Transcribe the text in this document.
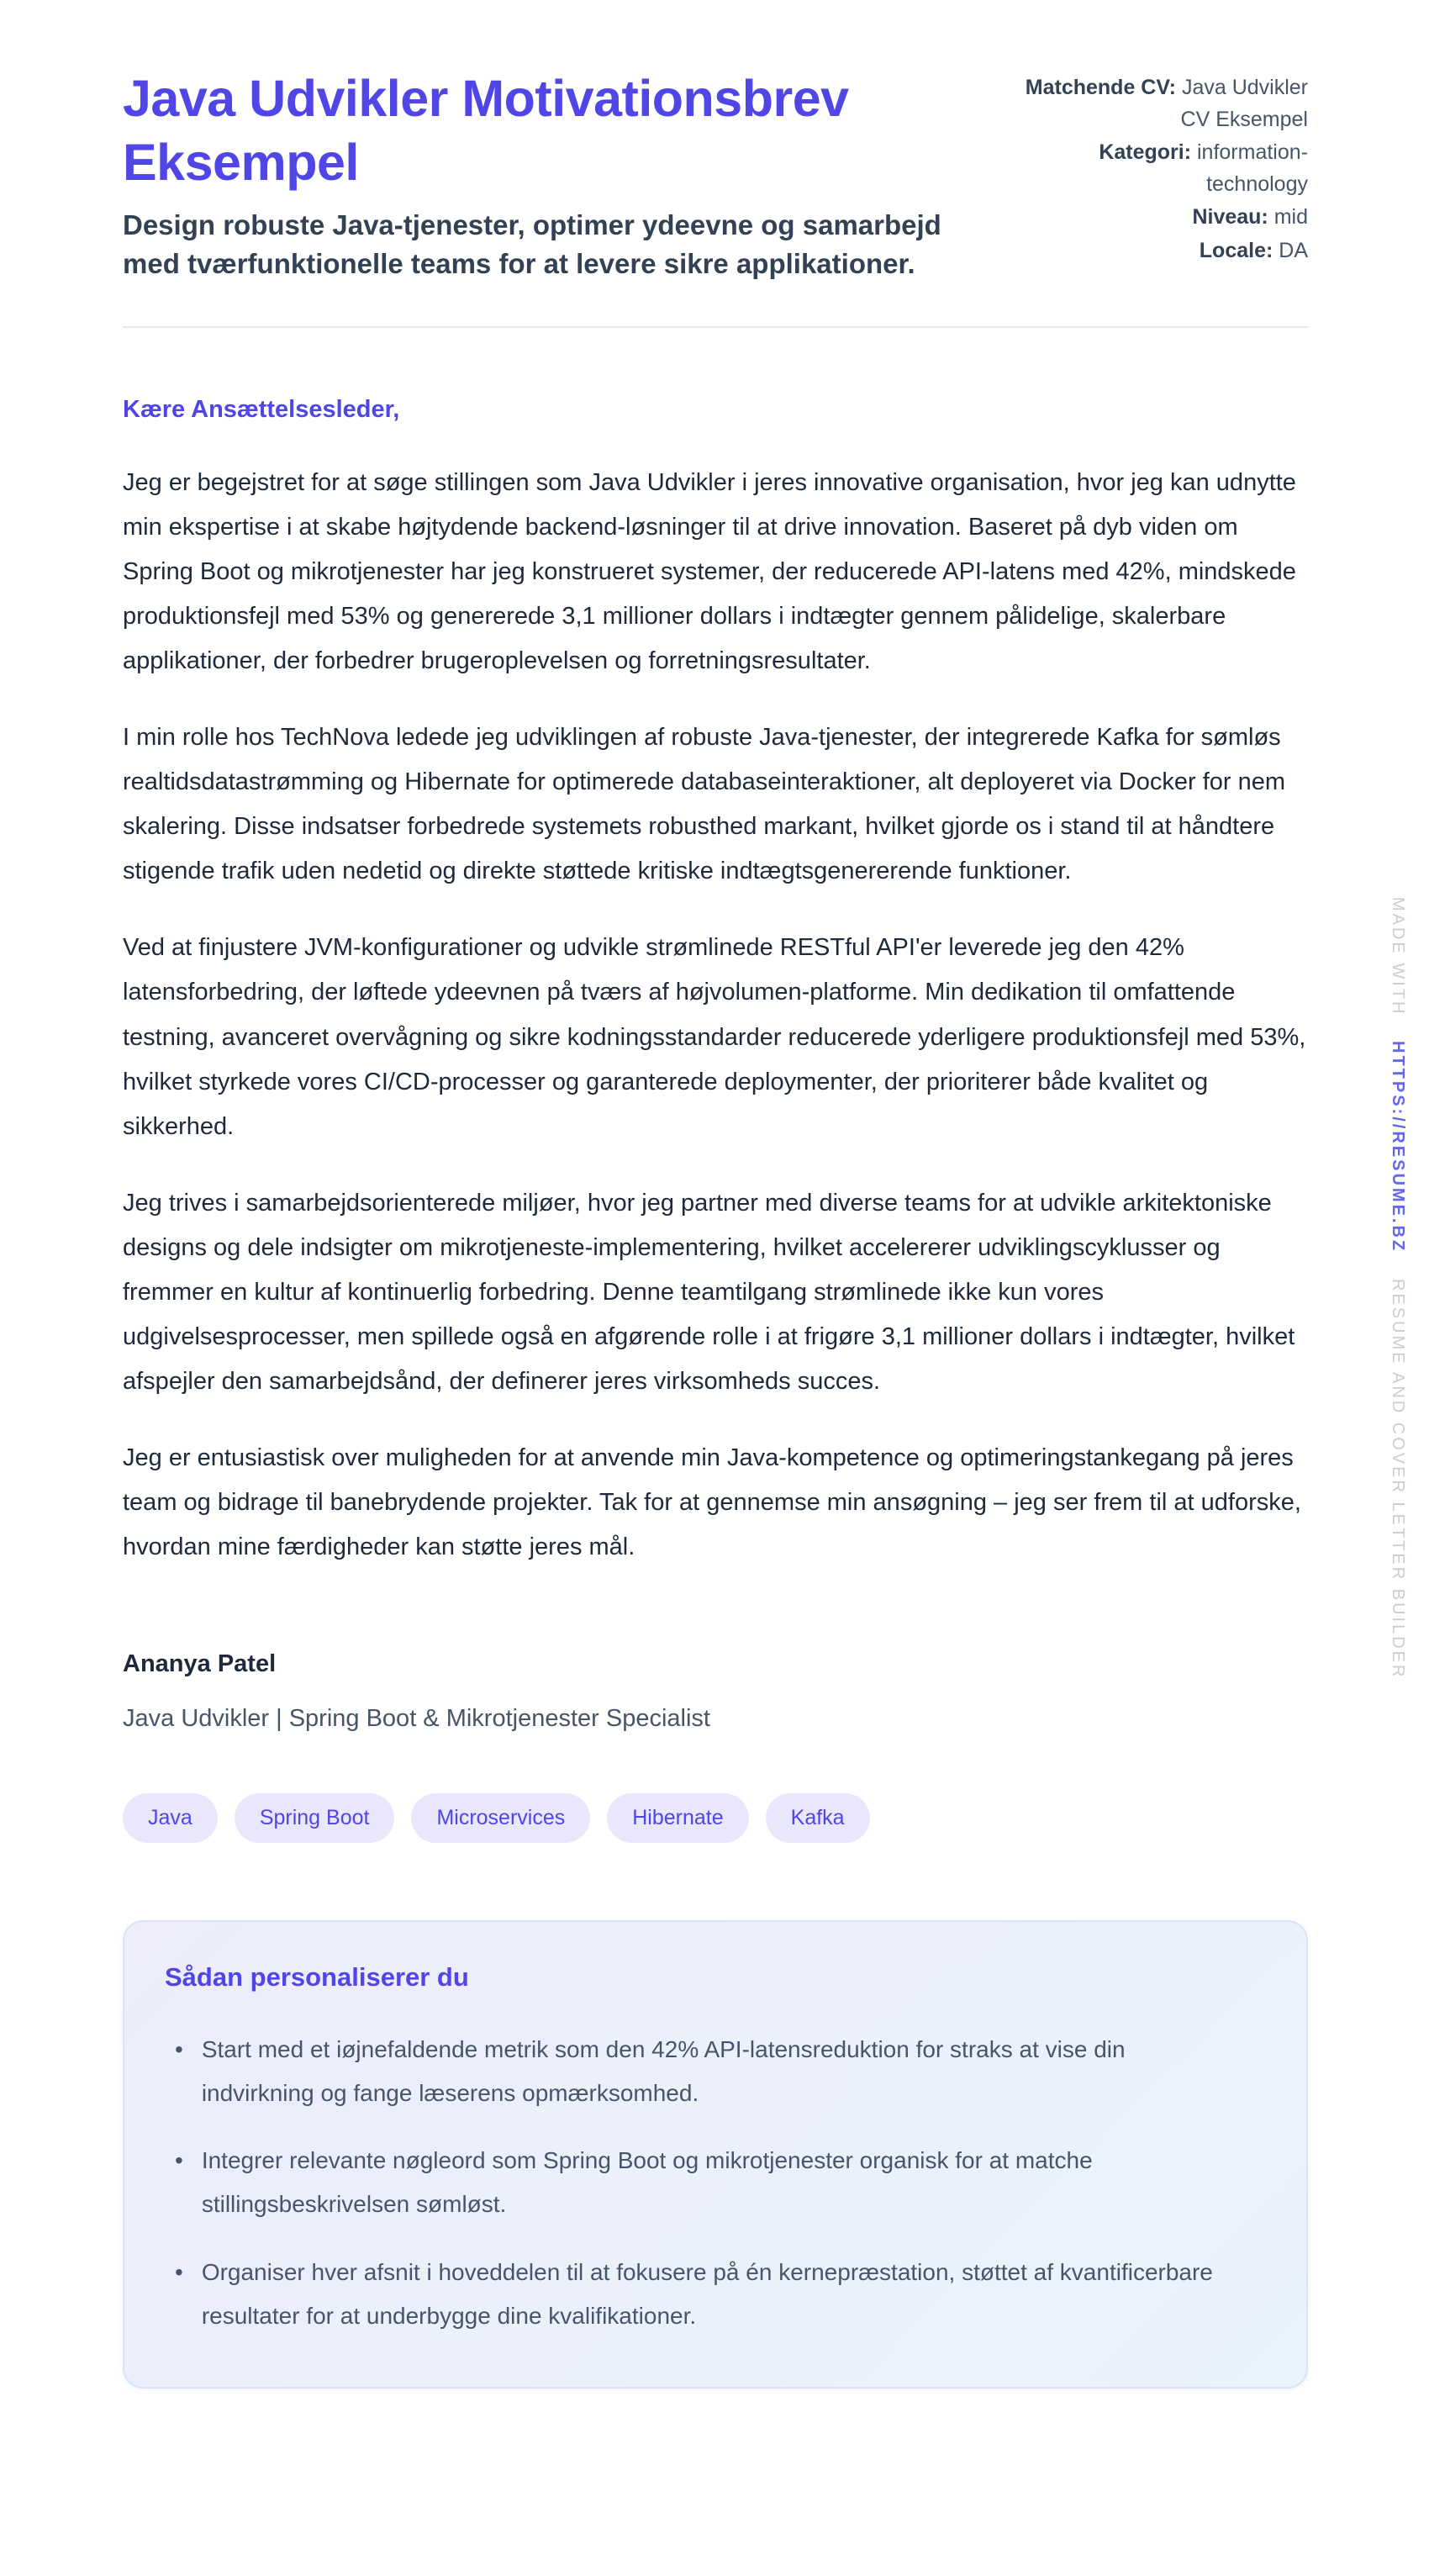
Java Udvikler Motivationsbrev Eksempel

Design robuste Java-tjenester, optimer ydeevne og samarbejd med tværfunktionelle teams for at levere sikre applikationer.

Matchende CV: Java Udvikler CV Eksempel
Kategori: information-technology
Niveau: mid
Locale: DA

Kære Ansættelsesleder,

Jeg er begejstret for at søge stillingen som Java Udvikler i jeres innovative organisation, hvor jeg kan udnytte min ekspertise i at skabe højtydende backend-løsninger til at drive innovation. Baseret på dyb viden om Spring Boot og mikrotjenester har jeg konstrueret systemer, der reducerede API-latens med 42%, mindskede produktionsfejl med 53% og genererede 3,1 millioner dollars i indtægter gennem pålidelige, skalerbare applikationer, der forbedrer brugeroplevelsen og forretningsresultater.

I min rolle hos TechNova ledede jeg udviklingen af robuste Java-tjenester, der integrerede Kafka for sømløs realtidsdatastrømming og Hibernate for optimerede databaseinteraktioner, alt deployeret via Docker for nem skalering. Disse indsatser forbedrede systemets robusthed markant, hvilket gjorde os i stand til at håndtere stigende trafik uden nedetid og direkte støttede kritiske indtægtsgenererende funktioner.

Ved at finjustere JVM-konfigurationer og udvikle strømlinede RESTful API'er leverede jeg den 42% latensforbedring, der løftede ydeevnen på tværs af højvolumen-platforme. Min dedikation til omfattende testning, avanceret overvågning og sikre kodningsstandarder reducerede yderligere produktionsfejl med 53%, hvilket styrkede vores CI/CD-processer og garanterede deploymenter, der prioriterer både kvalitet og sikkerhed.

Jeg trives i samarbejdsorienterede miljøer, hvor jeg partner med diverse teams for at udvikle arkitektoniske designs og dele indsigter om mikrotjeneste-implementering, hvilket accelererer udviklingscyklusser og fremmer en kultur af kontinuerlig forbedring. Denne teamtilgang strømlinede ikke kun vores udgivelsesprocesser, men spillede også en afgørende rolle i at frigøre 3,1 millioner dollars i indtægter, hvilket afspejler den samarbejdsånd, der definerer jeres virksomheds succes.

Jeg er entusiastisk over muligheden for at anvende min Java-kompetence og optimeringstankegang på jeres team og bidrage til banebrydende projekter. Tak for at gennemse min ansøgning – jeg ser frem til at udforske, hvordan mine færdigheder kan støtte jeres mål.

Ananya Patel

Java Udvikler | Spring Boot & Mikrotjenester Specialist

Java	Spring Boot	Microservices	Hibernate	Kafka
Sådan personaliserer du
• Start med et iøjnefaldende metrik som den 42% API-latensreduktion for straks at vise din indvirkning og fange læserens opmærksomhed.
• Integrer relevante nøgleord som Spring Boot og mikrotjenester organisk for at matche stillingsbeskrivelsen sømløst.
• Organiser hver afsnit i hoveddelen til at fokusere på én kernepræstation, støttet af kvantificerbare resultater for at underbygge dine kvalifikationer.
MADE WITH
HTTPS://RESUME.BZ
RESUME AND COVER LETTER BUILDER
